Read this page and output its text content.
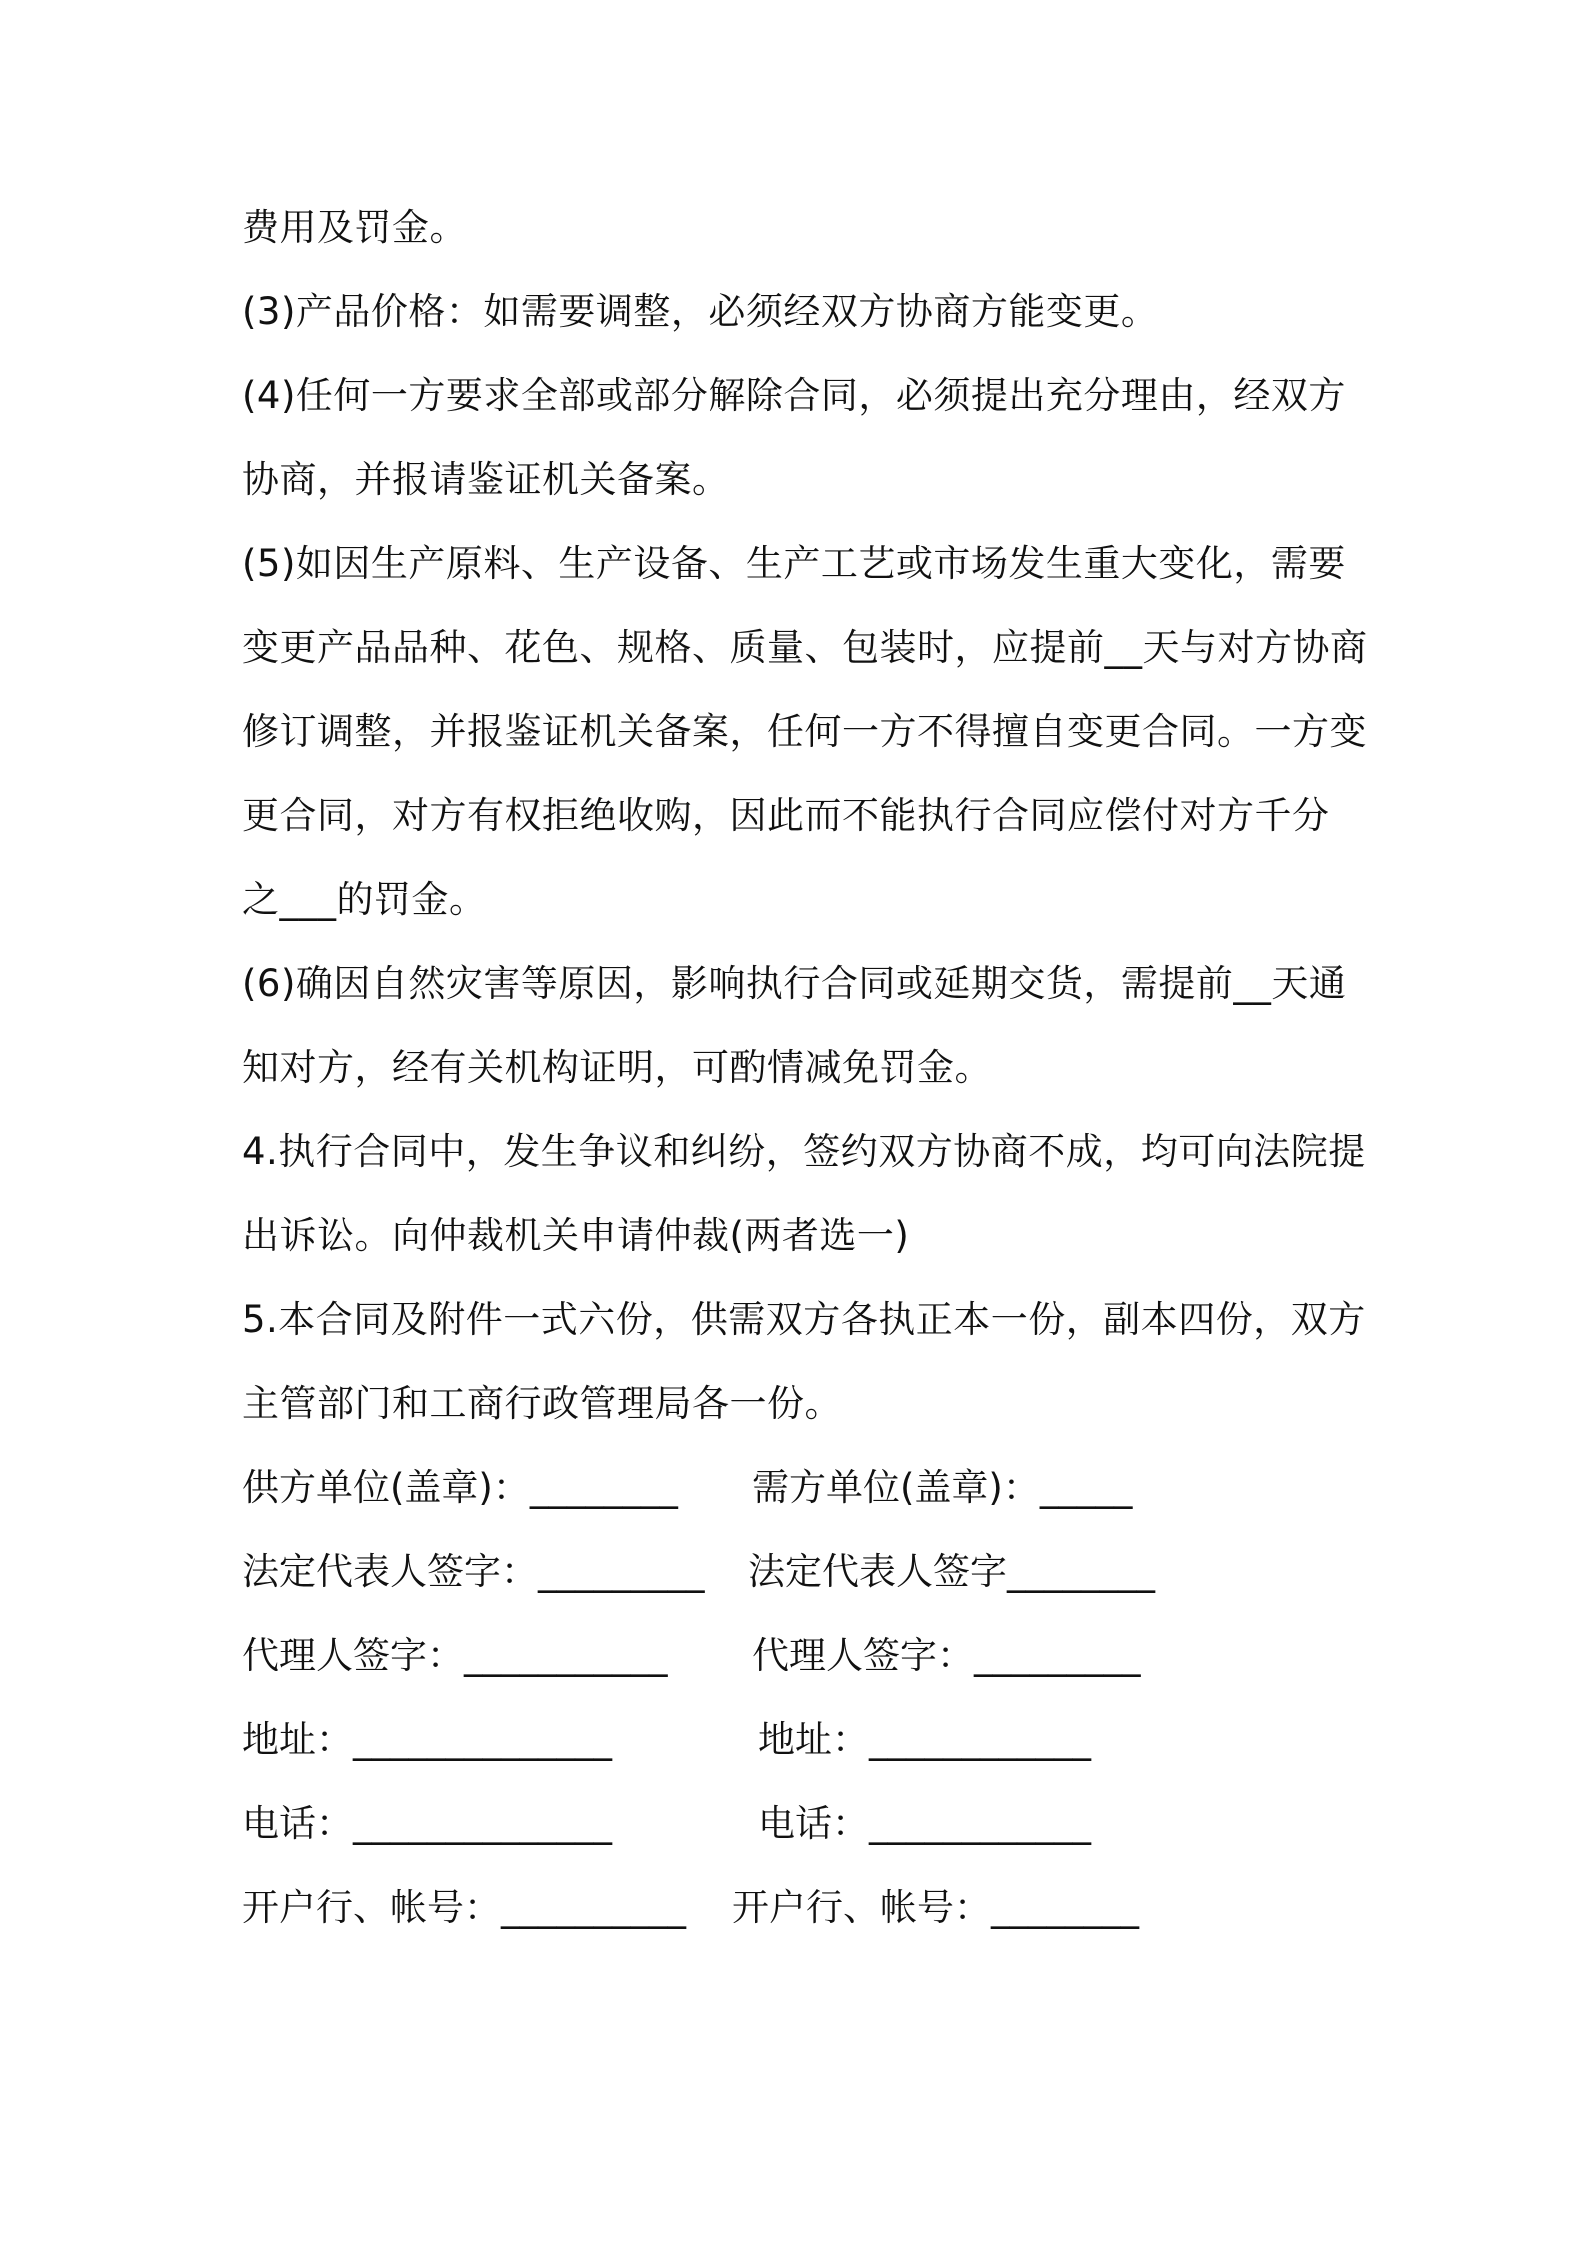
费用及罚金。
(3)产品价格：如需要调整，必须经双方协商方能变更。
(4)任何一方要求全部或部分解除合同，必须提出充分理由，经双方
协商，并报请鉴证机关备案。
(5)如因生产原料、生产设备、生产工艺或市场发生重大变化，需要
变更产品品种、花色、规格、质量、包装时，应提前__天与对方协商
修订调整，并报鉴证机关备案，任何一方不得擅自变更合同。一方变
更合同，对方有权拒绝收购，因此而不能执行合同应偿付对方千分
之___的罚金。
(6)确因自然灾害等原因，影响执行合同或延期交货，需提前__天通
知对方，经有关机构证明，可酌情减免罚金。
4.执行合同中，发生争议和纠纷，签约双方协商不成，均可向法院提
出诉讼。向仲裁机关申请仲裁(两者选一)
5.本合同及附件一式六份，供需双方各执正本一份，副本四份，双方
主管部门和工商行政管理局各一份。
供方单位(盖章)：________ 需方单位(盖章)：_____
法定代表人签字：_________ 法定代表人签字________
代理人签字：___________ 代理人签字：_________
地址：______________	地址：____________
电话：______________	电话：____________
开户行、帐号：__________ 开户行、帐号：________
